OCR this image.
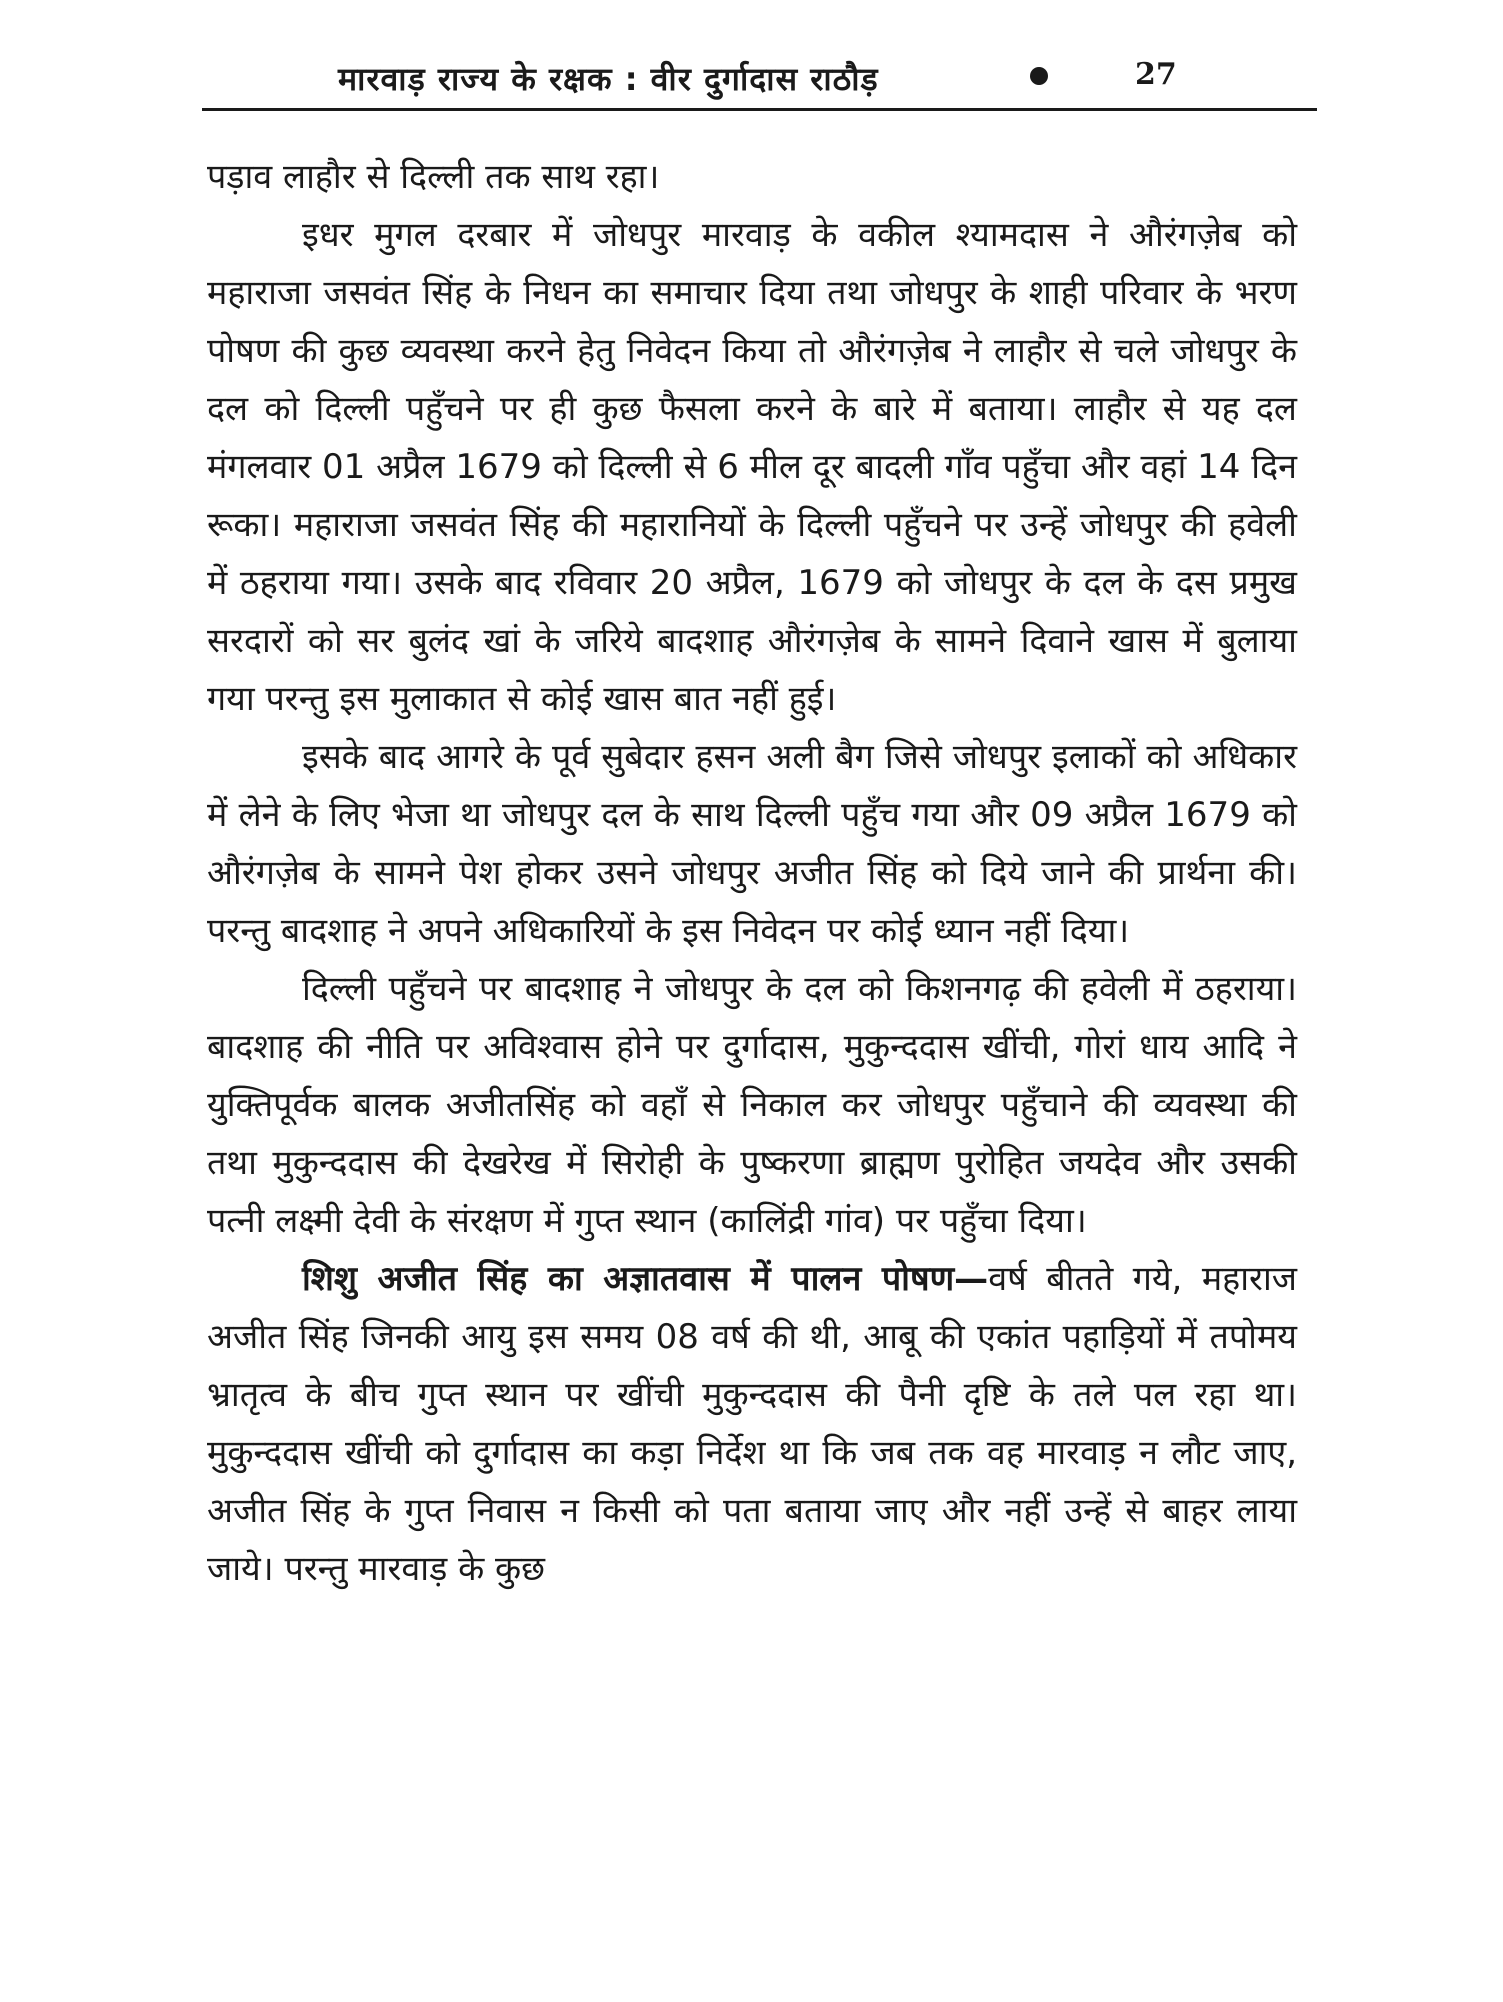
मारवाड़ राज्य के रक्षक : वीर दुर्गादास राठौड़	27

पड़ाव लाहौर से दिल्ली तक साथ रहा।

इधर मुगल दरबार में जोधपुर मारवाड़ के वकील श्यामदास ने औरंगज़ेब को महाराजा जसवंत सिंह के निधन का समाचार दिया तथा जोधपुर के शाही परिवार के भरण पोषण की कुछ व्यवस्था करने हेतु निवेदन किया तो औरंगज़ेब ने लाहौर से चले जोधपुर के दल को दिल्ली पहुँचने पर ही कुछ फैसला करने के बारे में बताया। लाहौर से यह दल मंगलवार 01 अप्रैल 1679 को दिल्ली से 6 मील दूर बादली गाँव पहुँचा और वहां 14 दिन रूका। महाराजा जसवंत सिंह की महारानियों के दिल्ली पहुँचने पर उन्हें जोधपुर की हवेली में ठहराया गया। उसके बाद रविवार 20 अप्रैल, 1679 को जोधपुर के दल के दस प्रमुख सरदारों को सर बुलंद खां के जरिये बादशाह औरंगज़ेब के सामने दिवाने खास में बुलाया गया परन्तु इस मुलाकात से कोई खास बात नहीं हुई।

इसके बाद आगरे के पूर्व सुबेदार हसन अली बैग जिसे जोधपुर इलाकों को अधिकार में लेने के लिए भेजा था जोधपुर दल के साथ दिल्ली पहुँच गया और 09 अप्रैल 1679 को औरंगज़ेब के सामने पेश होकर उसने जोधपुर अजीत सिंह को दिये जाने की प्रार्थना की। परन्तु बादशाह ने अपने अधिकारियों के इस निवेदन पर कोई ध्यान नहीं दिया।

दिल्ली पहुँचने पर बादशाह ने जोधपुर के दल को किशनगढ़ की हवेली में ठहराया। बादशाह की नीति पर अविश्वास होने पर दुर्गादास, मुकुन्ददास खींची, गोरां धाय आदि ने युक्तिपूर्वक बालक अजीतसिंह को वहाँ से निकाल कर जोधपुर पहुँचाने की व्यवस्था की तथा मुकुन्ददास की देखरेख में सिरोही के पुष्करणा ब्राह्मण पुरोहित जयदेव और उसकी पत्नी लक्ष्मी देवी के संरक्षण में गुप्त स्थान (कालिंद्री गांव) पर पहुँचा दिया।

शिशु अजीत सिंह का अज्ञातवास में पालन पोषण—वर्ष बीतते गये, महाराज अजीत सिंह जिनकी आयु इस समय 08 वर्ष की थी, आबू की एकांत पहाड़ियों में तपोमय भ्रातृत्व के बीच गुप्त स्थान पर खींची मुकुन्ददास की पैनी दृष्टि के तले पल रहा था। मुकुन्ददास खींची को दुर्गादास का कड़ा निर्देश था कि जब तक वह मारवाड़ न लौट जाए, अजीत सिंह के गुप्त निवास न किसी को पता बताया जाए और नहीं उन्हें से बाहर लाया जाये। परन्तु मारवाड़ के कुछ
